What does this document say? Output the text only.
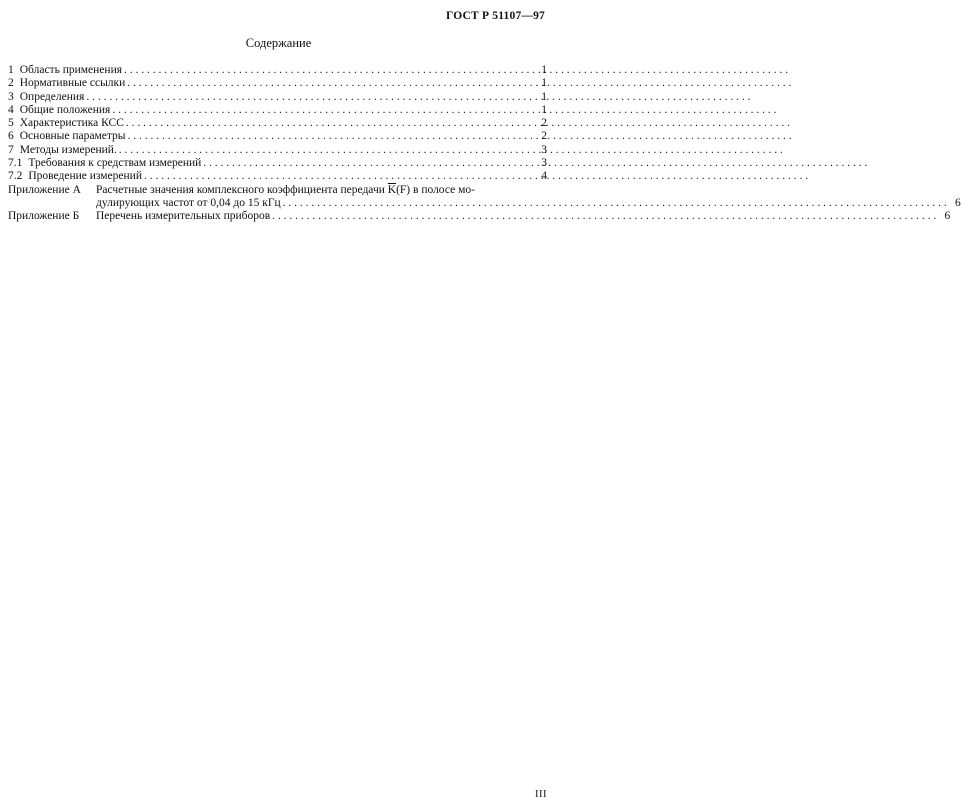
ГОСТ Р 51107—97
Содержание
1 Область применения . . .	1
2 Нормативные ссылки . . .	1
3 Определения . . .	1
4 Общие положения . . .	1
5 Характеристика КСС . . .	2
6 Основные параметры . . .	2
7 Методы измерений. . . .	3
7.1 Требования к средствам измерений . . .	3
7.2 Проведение измерений . . .	4
Приложение А	Расчетные значения комплексного коэффициента передачи
$\overline{K}$ (F) в полосе мо-
дулирующих частот от 0,04 до 15 кГц . . .	6
Приложение Б	Перечень измерительных приборов . . .	6
III
